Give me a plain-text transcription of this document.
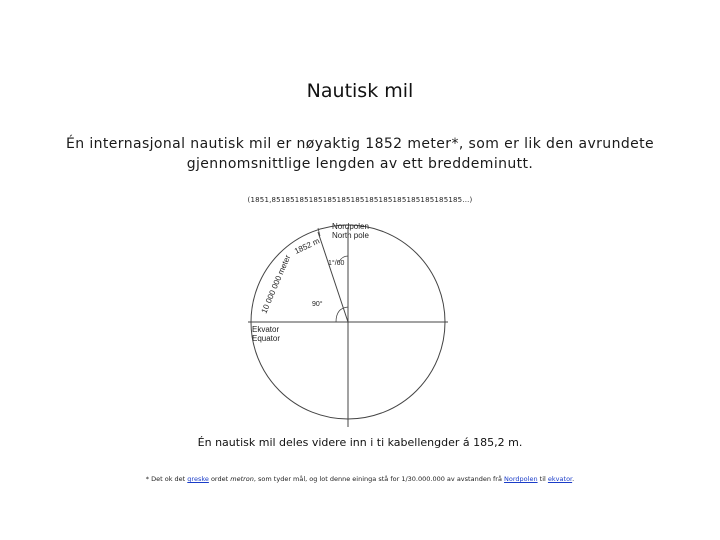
Nautisk mil
Én internasjonal nautisk mil er nøyaktig 1852 meter*, som er lik den avrundete gjennomsnittlige lengden av ett breddeminutt.
(1851,85185185185185185185185185185185185185185…)
Nordpolen
North pole
10 000 000 meter
1852 m
1°/60
90°
Ekvator
Equator
Én nautisk mil deles videre inn i ti kabellengder á 185,2 m.
* Det ok det greske ordet metron, som tyder mål, og lot denne eininga stå for 1/30.000.000 av avstanden frå Nordpolen til ekvator.
